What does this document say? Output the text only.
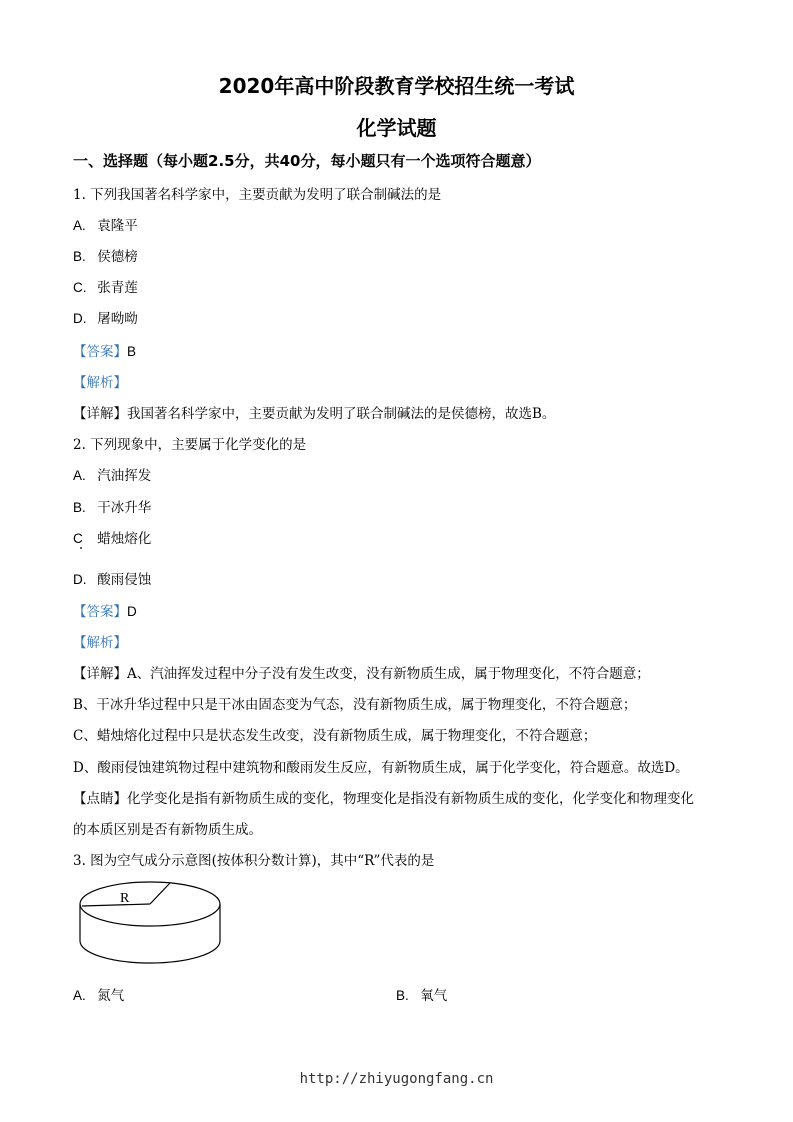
2020年高中阶段教育学校招生统一考试
化学试题
一、选择题（每小题2.5分，共40分，每小题只有一个选项符合题意）
1. 下列我国著名科学家中，主要贡献为发明了联合制碱法的是
A. 袁隆平
B. 侯德榜
C. 张青莲
D. 屠呦呦
【答案】B
【解析】
【详解】我国著名科学家中，主要贡献为发明了联合制碱法的是侯德榜，故选B。
2. 下列现象中，主要属于化学变化的是
A. 汽油挥发
B. 干冰升华
C 蜡烛熔化
D. 酸雨侵蚀
【答案】D
【解析】
【详解】A、汽油挥发过程中分子没有发生改变，没有新物质生成，属于物理变化，不符合题意；
B、干冰升华过程中只是干冰由固态变为气态，没有新物质生成，属于物理变化，不符合题意；
C、蜡烛熔化过程中只是状态发生改变，没有新物质生成，属于物理变化，不符合题意；
D、酸雨侵蚀建筑物过程中建筑物和酸雨发生反应，有新物质生成，属于化学变化，符合题意。故选D。
【点睛】化学变化是指有新物质生成的变化，物理变化是指没有新物质生成的变化，化学变化和物理变化
的本质区别是否有新物质生成。
3. 图为空气成分示意图(按体积分数计算)，其中“R”代表的是
R
A. 氮气	B. 氧气
http://zhiyugongfang.cn
